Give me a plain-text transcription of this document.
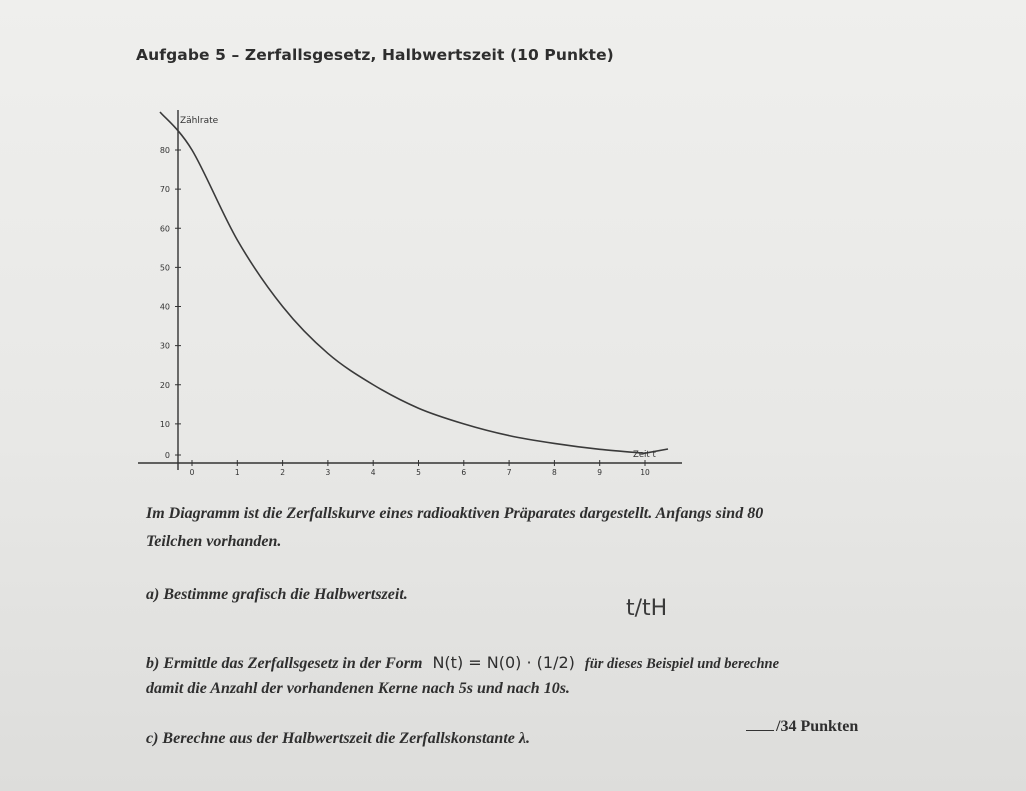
Aufgabe 5 – Zerfallsgesetz, Halbwertszeit (10 Punkte)
0
10
20
30
40
50
60
70
80
0	1	2	3	4	5	6	7	8	9	10
Zählrate
Zeit t
Im Diagramm ist die Zerfallskurve eines radioaktiven Präparates dargestellt. Anfangs sind 80
Teilchen vorhanden.
a) Bestimme grafisch die Halbwertszeit.
t/tH
b) Ermittle das Zerfallsgesetz in der Form N(t) = N(0) · (1/2) für dieses Beispiel und berechne
damit die Anzahl der vorhandenen Kerne nach 5s und nach 10s.
c) Berechne aus der Halbwertszeit die Zerfallskonstante λ.
/34 Punkten
